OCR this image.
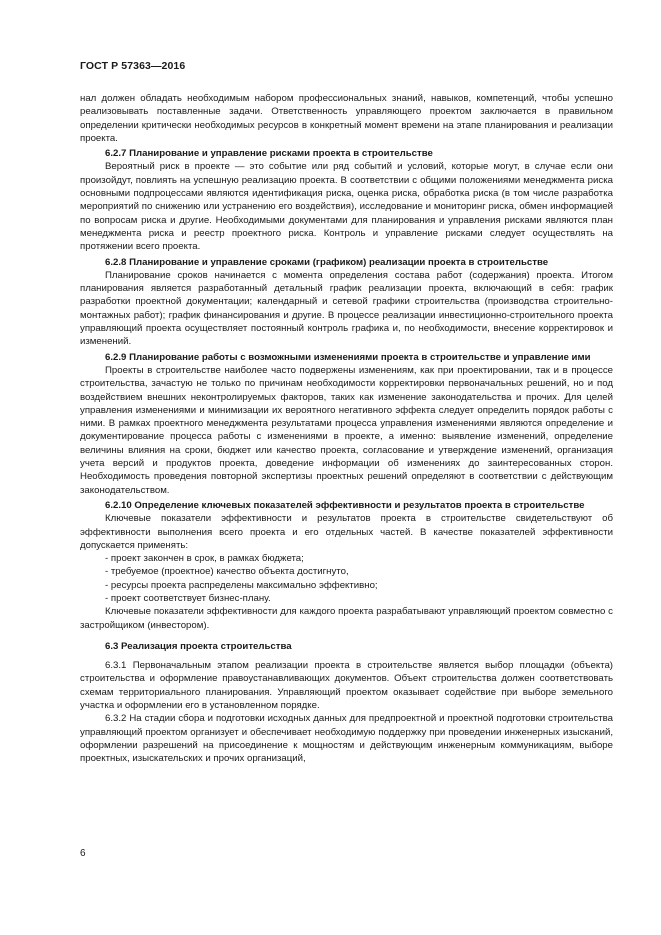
ГОСТ Р 57363—2016

нал должен обладать необходимым набором профессиональных знаний, навыков, компетенций, чтобы успешно реализовывать поставленные задачи. Ответственность управляющего проектом заключается в правильном определении критически необходимых ресурсов в конкретный момент времени на этапе планирования и реализации проекта.

6.2.7 Планирование и управление рисками проекта в строительстве

Вероятный риск в проекте — это событие или ряд событий и условий, которые могут, в случае если они произойдут, повлиять на успешную реализацию проекта. В соответствии с общими положениями менеджмента риска основными подпроцессами являются идентификация риска, оценка риска, обработка риска (в том числе разработка мероприятий по снижению или устранению его воздействия), исследование и мониторинг риска, обмен информацией по вопросам риска и другие. Необходимыми документами для планирования и управления рисками являются план менеджмента риска и реестр проектного риска. Контроль и управление рисками следует осуществлять на протяжении всего проекта.

6.2.8 Планирование и управление сроками (графиком) реализации проекта в строительстве

Планирование сроков начинается с момента определения состава работ (содержания) проекта. Итогом планирования является разработанный детальный график реализации проекта, включающий в себя: график разработки проектной документации; календарный и сетевой графики строительства (производства строительно-монтажных работ); график финансирования и другие. В процессе реализации инвестиционно-строительного проекта управляющий проекта осуществляет постоянный контроль графика и, по необходимости, внесение корректировок и изменений.

6.2.9 Планирование работы с возможными изменениями проекта в строительстве и управление ими

Проекты в строительстве наиболее часто подвержены изменениям, как при проектировании, так и в процессе строительства, зачастую не только по причинам необходимости корректировки первоначальных решений, но и под воздействием внешних неконтролируемых факторов, таких как изменение законодательства и прочих. Для целей управления изменениями и минимизации их вероятного негативного эффекта следует определить порядок работы с ними. В рамках проектного менеджмента результатами процесса управления изменениями являются определение и документирование процесса работы с изменениями в проекте, а именно: выявление изменений, определение величины влияния на сроки, бюджет или качество проекта, согласование и утверждение изменений, организация учета версий и продуктов проекта, доведение информации об изменениях до заинтересованных сторон. Необходимость проведения повторной экспертизы проектных решений определяют в соответствии с действующим законодательством.

6.2.10 Определение ключевых показателей эффективности и результатов проекта в строительстве

Ключевые показатели эффективности и результатов проекта в строительстве свидетельствуют об эффективности выполнения всего проекта и его отдельных частей. В качестве показателей эффективности допускается применять:

- проект закончен в срок, в рамках бюджета;
- требуемое (проектное) качество объекта достигнуто,
- ресурсы проекта распределены максимально эффективно;
- проект соответствует бизнес-плану.

Ключевые показатели эффективности для каждого проекта разрабатывают управляющий проектом совместно с застройщиком (инвестором).

6.3 Реализация проекта строительства

6.3.1 Первоначальным этапом реализации проекта в строительстве является выбор площадки (объекта) строительства и оформление правоустанавливающих документов. Объект строительства должен соответствовать схемам территориального планирования. Управляющий проектом оказывает содействие при выборе земельного участка и оформлении его в установленном порядке.

6.3.2 На стадии сбора и подготовки исходных данных для предпроектной и проектной подготовки строительства управляющий проектом организует и обеспечивает необходимую поддержку при проведении инженерных изысканий, оформлении разрешений на присоединение к мощностям и действующим инженерным коммуникациям, выборе проектных, изыскательских и прочих организаций,

6
